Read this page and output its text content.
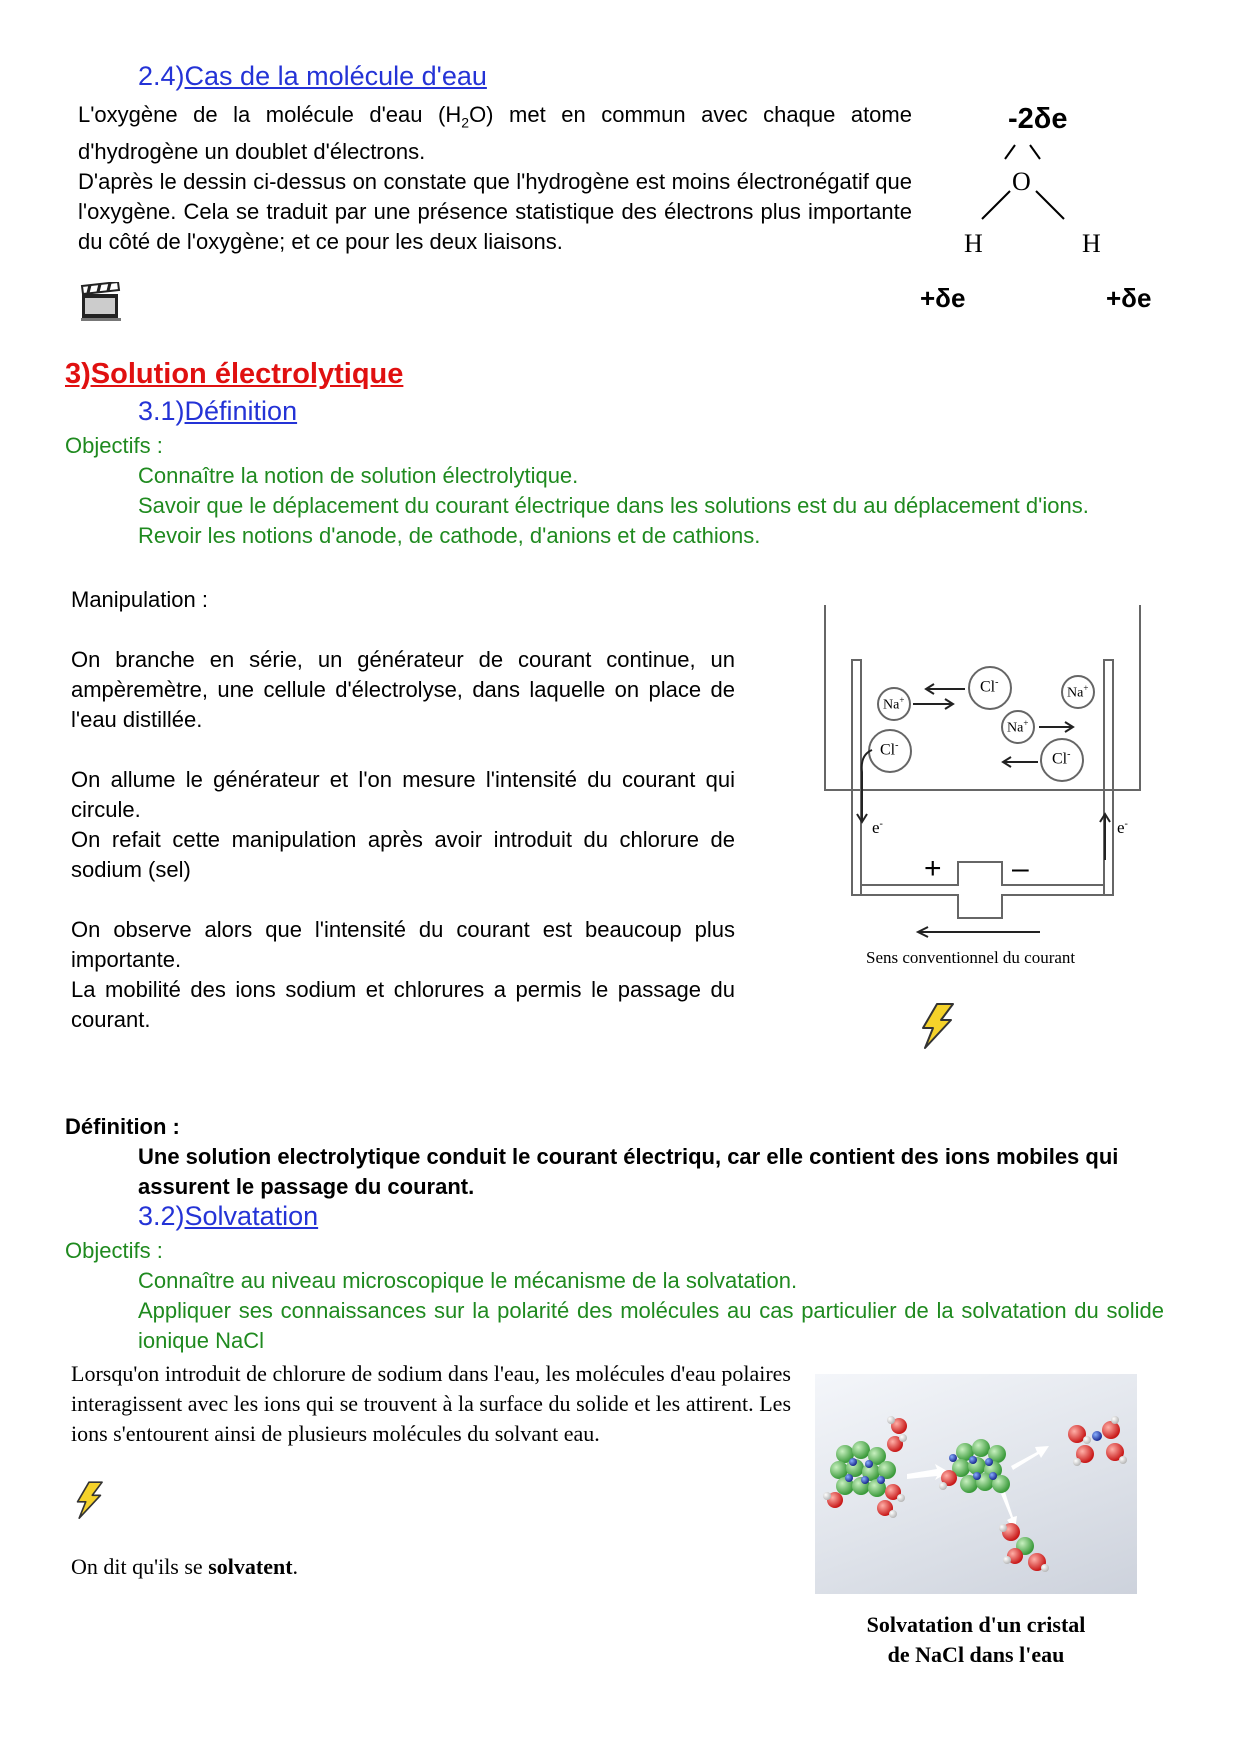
2.4)Cas de la molécule d'eau

L'oxygène de la molécule d'eau $(H_2O)$ met en commun avec chaque atome d'hydrogène un doublet d'électrons.

D'après le dessin ci-dessus on constate que l'hydrogène est moins électronégatif que l'oxygène. Cela se traduit par une présence statistique des électrons plus importante du côté de l'oxygène; et ce pour les deux liaisons.

-2δe
O
H	H
+δe	+δe
3)Solution électrolytique
3.1)Définition
Objectifs :

Connaître la notion de solution électrolytique.

Savoir que le déplacement du courant électrique dans les solutions est du au déplacement d'ions.

Revoir les notions d'anode, de cathode, d'anions et de cathions.

Manipulation :

On branche en série, un générateur de courant continue, un ampèremètre, une cellule d'électrolyse, dans laquelle on place de l'eau distillée.

On allume le générateur et l'on mesure l'intensité du courant qui circule.

On refait cette manipulation après avoir introduit du chlorure de sodium (sel)

On observe alors que l'intensité du courant est beaucoup plus importante.

La mobilité des ions sodium et chlorures a permis le passage du courant.

Na+
Cl-
Na+
Na+
Cl-
Cl-
e-	e-
+ –
Sens conventionnel du courant
Définition :
Une solution electrolytique conduit le courant électriqu, car elle contient des ions mobiles qui assurent le passage du courant.
3.2)Solvatation
Objectifs :

Connaître au niveau microscopique le mécanisme de la solvatation.

Appliquer ses connaissances sur la polarité des molécules au cas particulier de la solvatation du solide ionique NaCl

Lorsqu'on introduit de chlorure de sodium dans l'eau, les molécules d'eau polaires interagissent avec les ions qui se trouvent à la surface du solide et les attirent. Les ions s'entourent ainsi de plusieurs molécules du solvant eau.
On dit qu'ils se solvatent.

Solvatation d'un cristal

de NaCl dans l'eau
